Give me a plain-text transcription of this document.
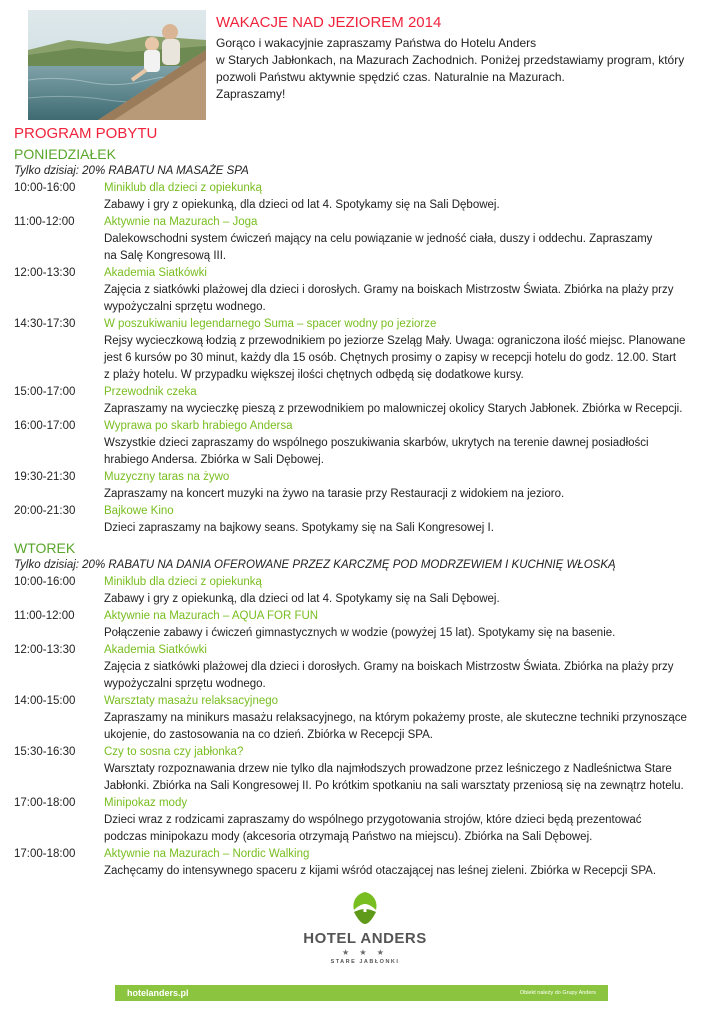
WAKACJE NAD JEZIOREM 2014

Gorąco i wakacyjnie zapraszamy Państwa do Hotelu Anders

w Starych Jabłonkach, na Mazurach Zachodnich. Poniżej przedstawiamy program, który

pozwoli Państwu aktywnie spędzić czas. Naturalnie na Mazurach.

Zapraszamy!

PROGRAM POBYTU
PONIEDZIAŁEK
Tylko dzisiaj: 20% RABATU NA MASAŻE SPA
10:00-16:00	Miniklub dla dzieci z opiekunką
Zabawy i gry z opiekunką, dla dzieci od lat 4. Spotykamy się na Sali Dębowej.
11:00-12:00	Aktywnie na Mazurach – Joga
Dalekowschodni system ćwiczeń mający na celu powiązanie w jedność ciała, duszy i oddechu. Zapraszamy
na Salę Kongresową III.
12:00-13:30	Akademia Siatkówki
Zajęcia z siatkówki plażowej dla dzieci i dorosłych. Gramy na boiskach Mistrzostw Świata. Zbiórka na plaży przy
wypożyczalni sprzętu wodnego.
14:30-17:30	W poszukiwaniu legendarnego Suma – spacer wodny po jeziorze
Rejsy wycieczkową łodzią z przewodnikiem po jeziorze Szeląg Mały. Uwaga: ograniczona ilość miejsc. Planowane
jest 6 kursów po 30 minut, każdy dla 15 osób. Chętnych prosimy o zapisy w recepcji hotelu do godz. 12.00. Start
z plaży hotelu. W przypadku większej ilości chętnych odbędą się dodatkowe kursy.
15:00-17:00	Przewodnik czeka
Zapraszamy na wycieczkę pieszą z przewodnikiem po malowniczej okolicy Starych Jabłonek. Zbiórka w Recepcji.
16:00-17:00	Wyprawa po skarb hrabiego Andersa
Wszystkie dzieci zapraszamy do wspólnego poszukiwania skarbów, ukrytych na terenie dawnej posiadłości
hrabiego Andersa. Zbiórka w Sali Dębowej.
19:30-21:30	Muzyczny taras na żywo
Zapraszamy na koncert muzyki na żywo na tarasie przy Restauracji z widokiem na jezioro.
20:00-21:30	Bajkowe Kino
Dzieci zapraszamy na bajkowy seans. Spotykamy się na Sali Kongresowej I.
WTOREK
Tylko dzisiaj: 20% RABATU NA DANIA OFEROWANE PRZEZ KARCZMĘ POD MODRZEWIEM I KUCHNIĘ WŁOSKĄ
10:00-16:00	Miniklub dla dzieci z opiekunką
Zabawy i gry z opiekunką, dla dzieci od lat 4. Spotykamy się na Sali Dębowej.
11:00-12:00	Aktywnie na Mazurach – AQUA FOR FUN
Połączenie zabawy i ćwiczeń gimnastycznych w wodzie (powyżej 15 lat). Spotykamy się na basenie.
12:00-13:30	Akademia Siatkówki
Zajęcia z siatkówki plażowej dla dzieci i dorosłych. Gramy na boiskach Mistrzostw Świata. Zbiórka na plaży przy
wypożyczalni sprzętu wodnego.
14:00-15:00	Warsztaty masażu relaksacyjnego
Zapraszamy na minikurs masażu relaksacyjnego, na którym pokażemy proste, ale skuteczne techniki przynoszące
ukojenie, do zastosowania na co dzień. Zbiórka w Recepcji SPA.
15:30-16:30	Czy to sosna czy jabłonka?
Warsztaty rozpoznawania drzew nie tylko dla najmłodszych prowadzone przez leśniczego z Nadleśnictwa Stare
Jabłonki. Zbiórka na Sali Kongresowej II. Po krótkim spotkaniu na sali warsztaty przeniosą się na zewnątrz hotelu.
17:00-18:00	Minipokaz mody
Dzieci wraz z rodzicami zapraszamy do wspólnego przygotowania strojów, które dzieci będą prezentować
podczas minipokazu mody (akcesoria otrzymają Państwo na miejscu). Zbiórka na Sali Dębowej.
17:00-18:00	Aktywnie na Mazurach – Nordic Walking
Zachęcamy do intensywnego spaceru z kijami wśród otaczającej nas leśnej zieleni. Zbiórka w Recepcji SPA.
HOTEL ANDERS
★ ★ ★
STARE JABŁONKI
hotelanders.pl	Obiekt należy do Grupy Anders
